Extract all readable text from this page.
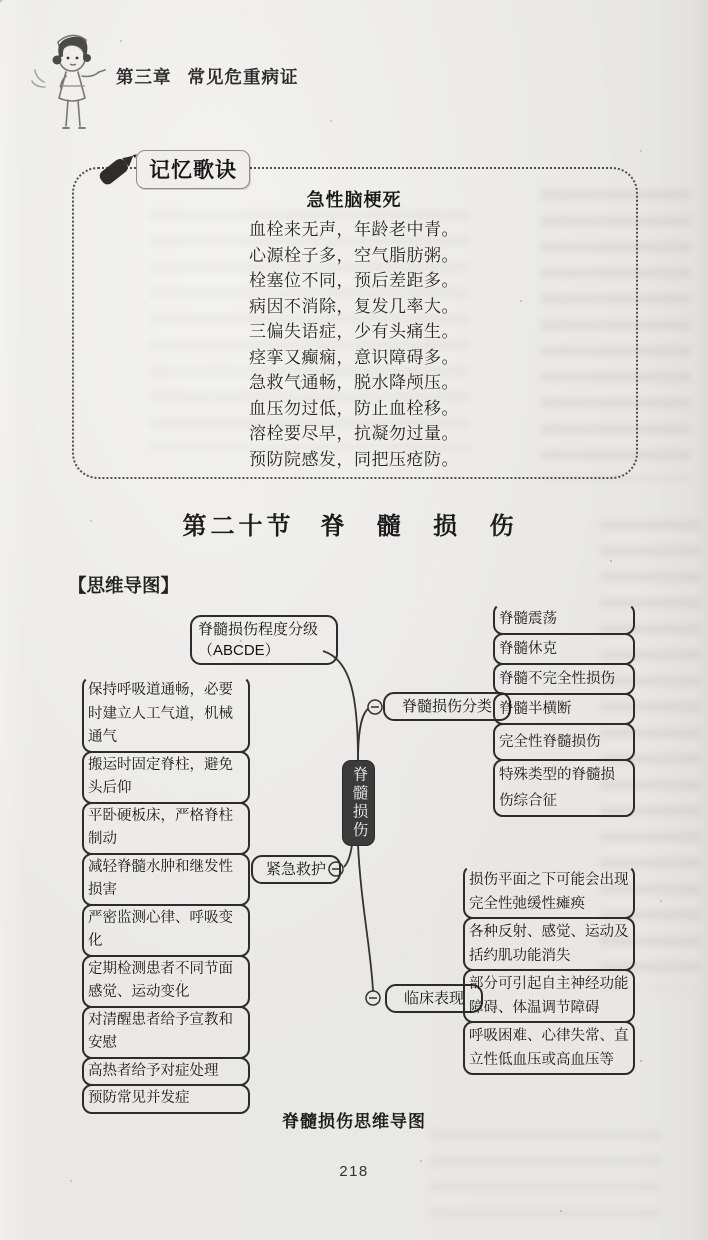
第三章 常见危重病证
记忆歌诀
急性脑梗死
血栓来无声，年龄老中青。
心源栓子多，空气脂肪粥。
栓塞位不同，预后差距多。
病因不消除，复发几率大。
三偏失语症，少有头痛生。
痉挛又癫痫，意识障碍多。
急救气通畅，脱水降颅压。
血压勿过低，防止血栓移。
溶栓要尽早，抗凝勿过量。
预防院感发，同把压疮防。
第二十节 脊 髓 损 伤
【思维导图】
脊髓损伤
脊髓损伤程度分级（ABCDE）
脊髓损伤分类
脊髓震荡
脊髓休克
脊髓不完全性损伤
脊髓半横断
完全性脊髓损伤
特殊类型的脊髓损伤综合征
紧急救护
保持呼吸道通畅，必要时建立人工气道，机械通气
搬运时固定脊柱，避免头后仰
平卧硬板床，严格脊柱制动
减轻脊髓水肿和继发性损害
严密监测心律、呼吸变化
定期检测患者不同节面感觉、运动变化
对清醒患者给予宣教和安慰
高热者给予对症处理
预防常见并发症
临床表现
损伤平面之下可能会出现完全性弛缓性瘫痪
各种反射、感觉、运动及括约肌功能消失
部分可引起自主神经功能障碍、体温调节障碍
呼吸困难、心律失常、直立性低血压或高血压等
脊髓损伤思维导图
218
